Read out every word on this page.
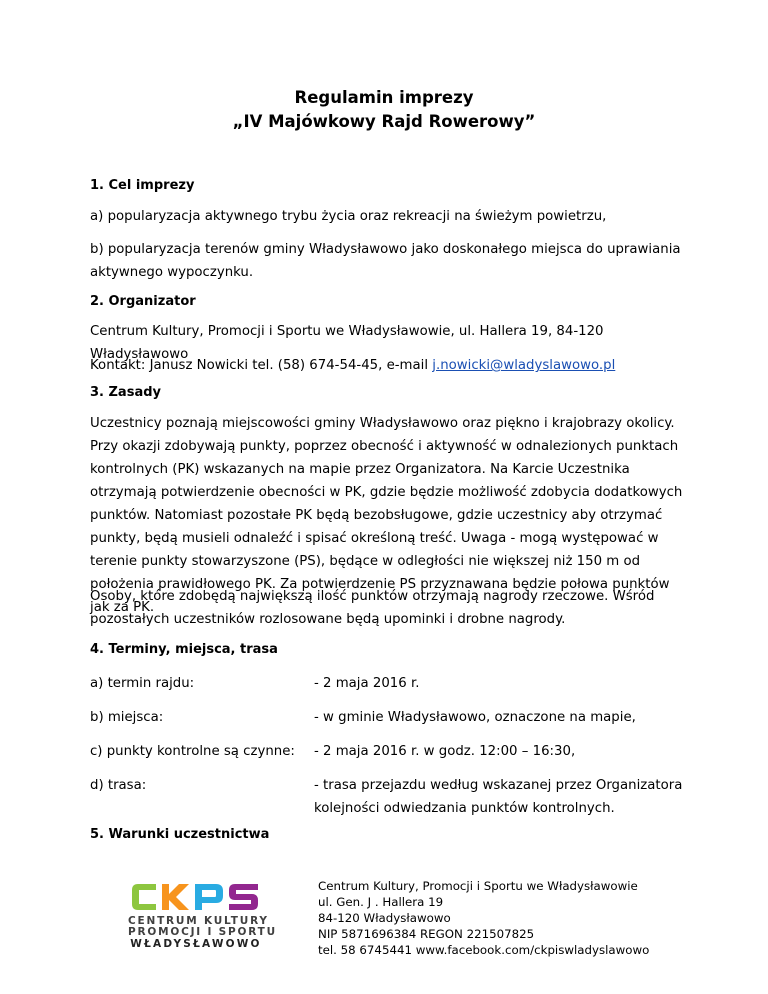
Regulamin imprezy
„IV Majówkowy Rajd Rowerowy”
1. Cel imprezy
a) popularyzacja aktywnego trybu życia oraz rekreacji na świeżym powietrzu,
b) popularyzacja terenów gminy Władysławowo jako doskonałego miejsca do uprawiania aktywnego wypoczynku.
2. Organizator
Centrum Kultury, Promocji i Sportu we Władysławowie, ul. Hallera 19, 84-120 Władysławowo
Kontakt: Janusz Nowicki tel. (58) 674-54-45, e-mail j.nowicki@wladyslawowo.pl
3. Zasady
Uczestnicy poznają miejscowości gminy Władysławowo oraz piękno i krajobrazy okolicy. Przy okazji zdobywają punkty, poprzez obecność i aktywność w odnalezionych punktach kontrolnych (PK) wskazanych na mapie przez Organizatora. Na Karcie Uczestnika otrzymają potwierdzenie obecności w PK, gdzie będzie możliwość zdobycia dodatkowych punktów. Natomiast pozostałe PK będą bezobsługowe, gdzie uczestnicy aby otrzymać punkty, będą musieli odnaleźć i spisać określoną treść. Uwaga - mogą występować w terenie punkty stowarzyszone (PS), będące w odległości nie większej niż 150 m od położenia prawidłowego PK. Za potwierdzenie PS przyznawana będzie połowa punktów jak za PK.
Osoby, które zdobędą największą ilość punktów otrzymają nagrody rzeczowe. Wśród pozostałych uczestników rozlosowane będą upominki i drobne nagrody.
4. Terminy, miejsca, trasa
a) termin rajdu:	- 2 maja 2016 r.
b) miejsca:	- w gminie Władysławowo, oznaczone na mapie,
c) punkty kontrolne są czynne: - 2 maja 2016 r. w godz. 12:00 – 16:30,
d) trasa:	- trasa przejazdu według wskazanej przez Organizatora kolejności odwiedzania punktów kontrolnych.
5. Warunki uczestnictwa
CENTRUM KULTURY
PROMOCJI I SPORTU
WŁADYSŁAWOWO
Centrum Kultury, Promocji i Sportu we Władysławowie
ul. Gen. J . Hallera 19
84-120 Władysławowo
NIP 5871696384 REGON 221507825
tel. 58 6745441 www.facebook.com/ckpiswladyslawowo
